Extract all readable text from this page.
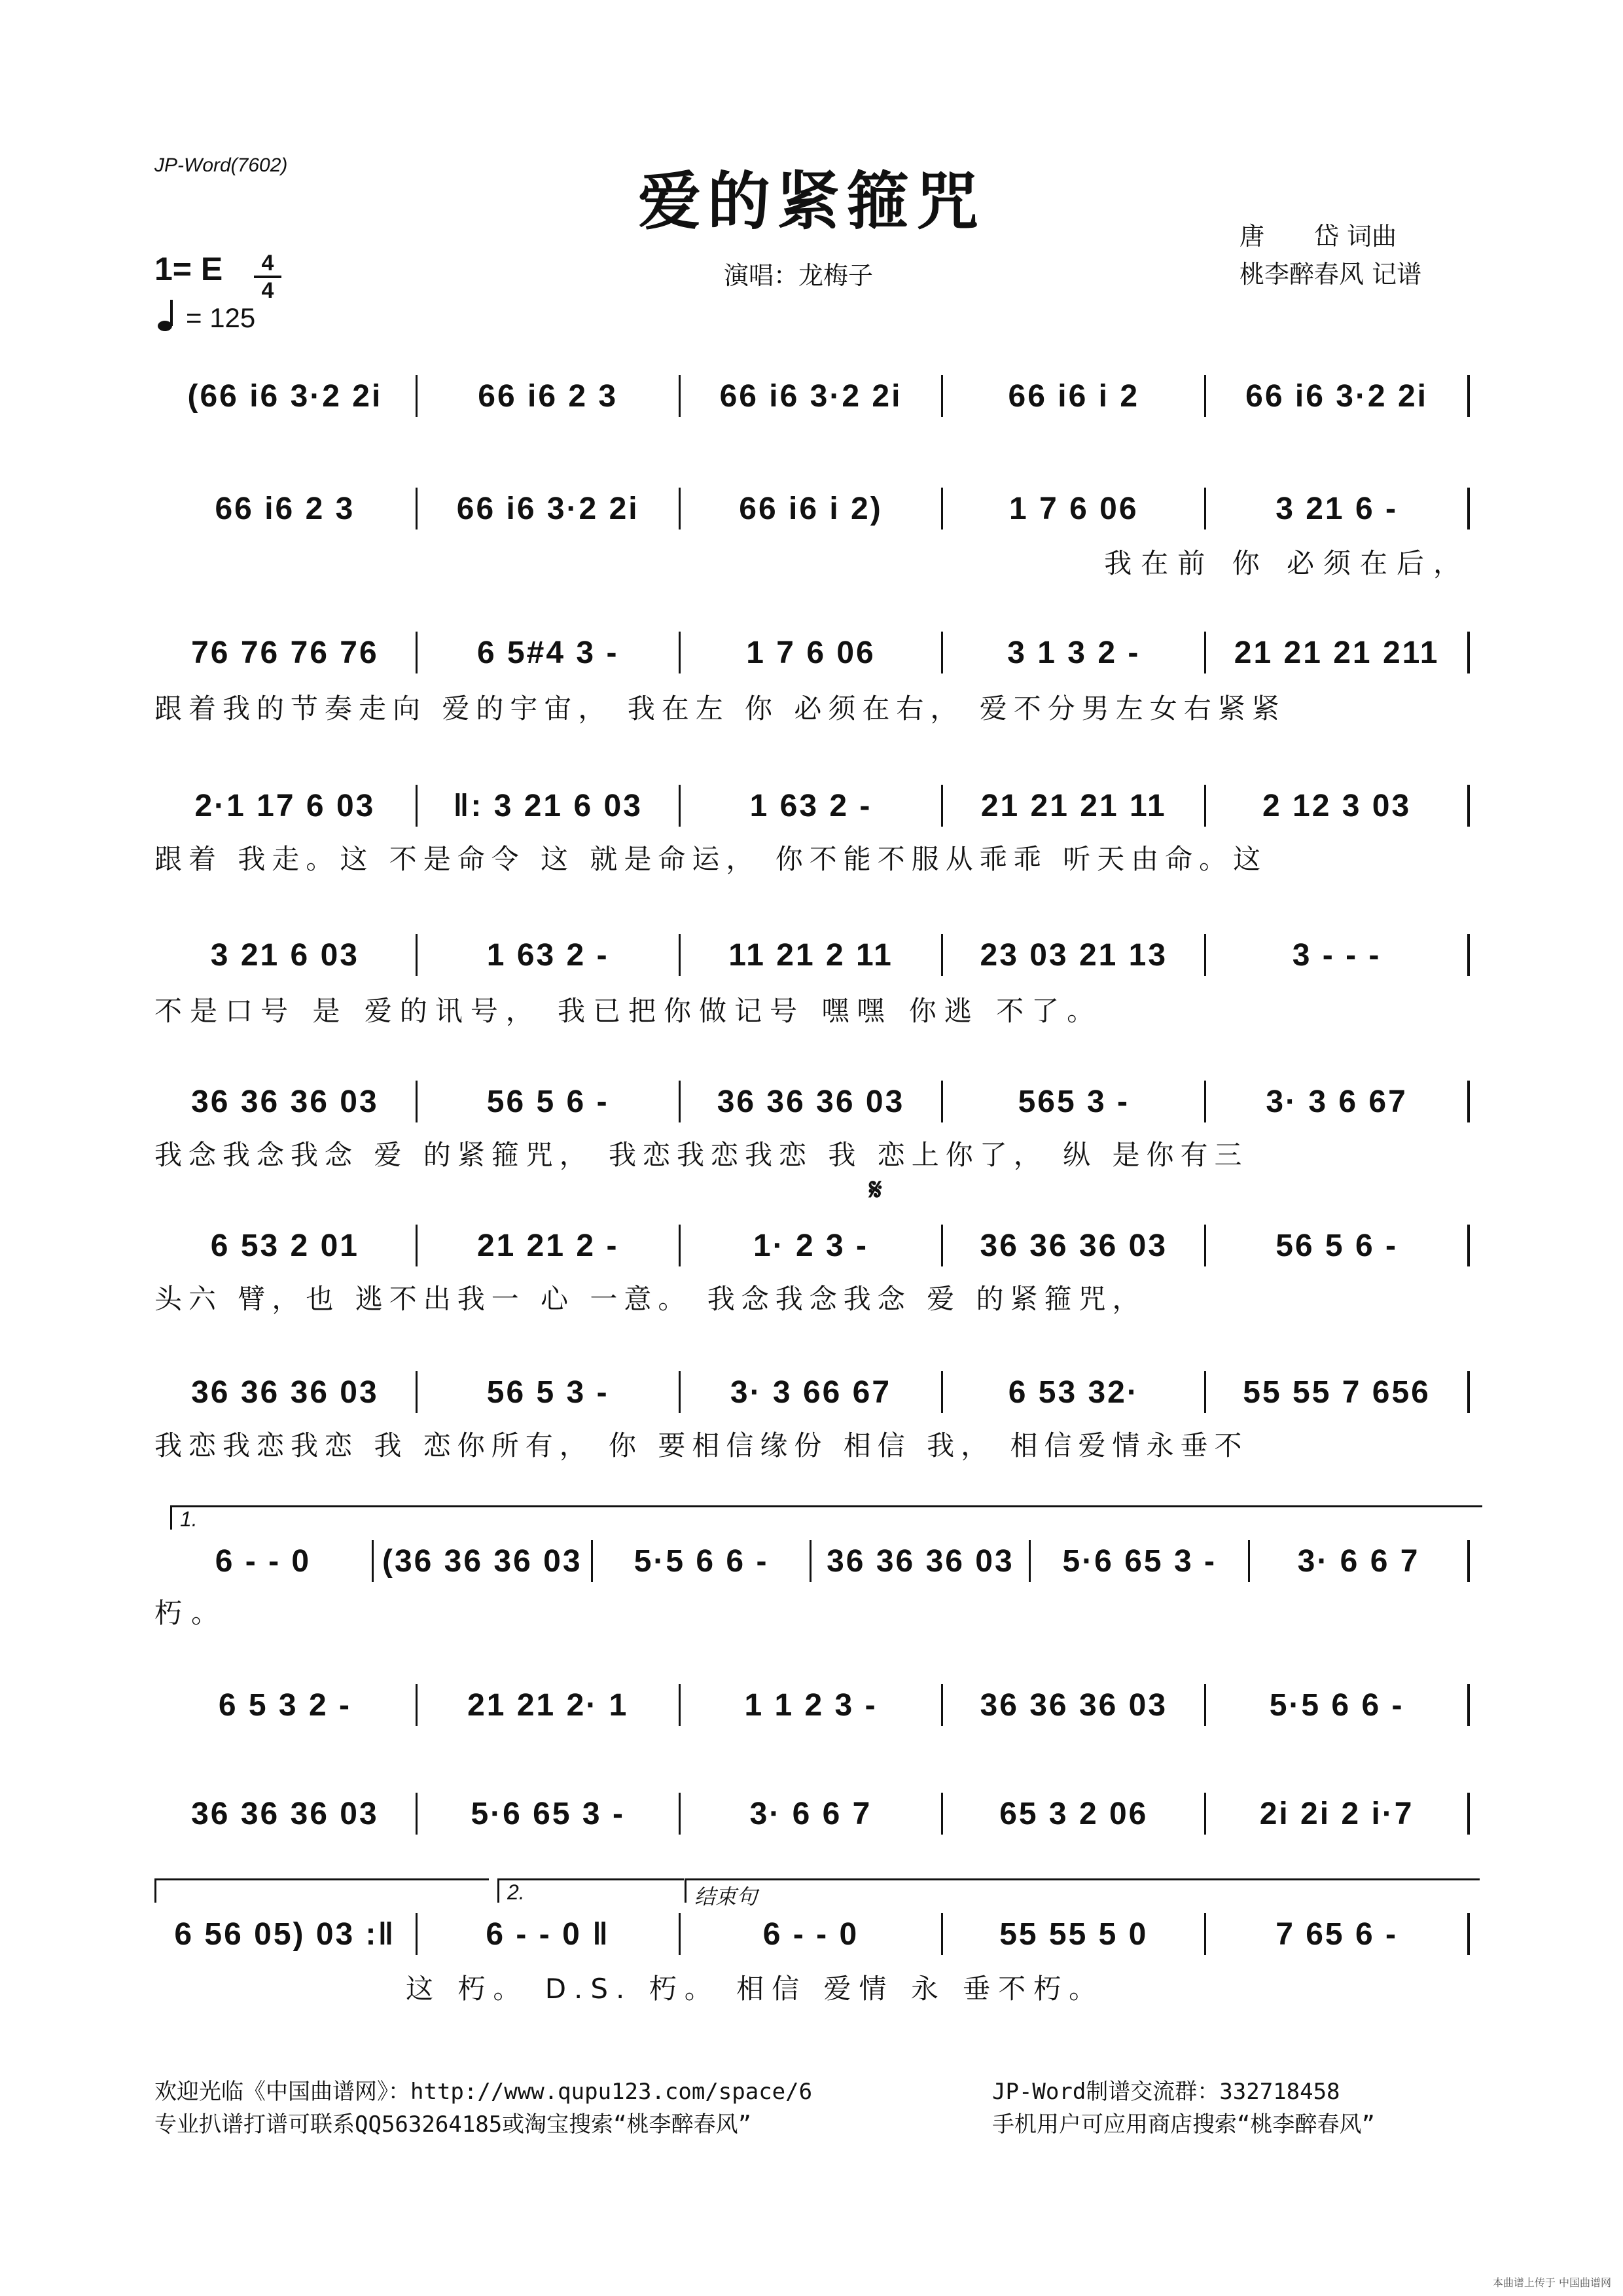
JP-Word(7602)	爱的紧箍咒	唐　　岱 词曲
桃李醉春风 记谱
1= E	4
4
= 125
演唱：龙梅子
(66 i6 3·2 2i	66 i6 2 3	66 i6 3·2 2i	66 i6 i 2	66 i6 3·2 2i
66 i6 2 3	66 i6 3·2 2i	66 i6 i 2)	1 7 6 06	3 21 6 -
我在前 你 必须在后，
76 76 76 76	6 5#4 3 -	1 7 6 06	3 1 3 2 -	21 21 21 211
跟着我的节奏走向 爱的宇宙， 我在左 你 必须在右， 爱不分男左女右紧紧
2·1 17 6 03	‖: 3 21 6 03	1 63 2 -	21 21 21 11	2 12 3 03
跟着 我走。这 不是命令 这 就是命运， 你不能不服从乖乖 听天由命。这
3 21 6 03	1 63 2 -	11 21 2 11	23 03 21 13	3 - - -
不是口号 是 爱的讯号， 我已把你做记号 嘿嘿 你逃 不了。
36 36 36 03	56 5 6 -	36 36 36 03	565 3 -	3· 3 6 67
我念我念我念 爱 的紧箍咒， 我恋我恋我恋 我 恋上你了， 纵 是你有三
𝄋
6 53 2 01	21 21 2 -	1· 2 3 -	36 36 36 03	56 5 6 -
头六 臂，也 逃不出我一 心 一意。 我念我念我念 爱 的紧箍咒，
36 36 36 03	56 5 3 -	3· 3 66 67	6 53 32·	55 55 7 656
我恋我恋我恋 我 恋你所有， 你 要相信缘份 相信 我， 相信爱情永垂不
1.
6 - - 0	(36 36 36 03	5·5 6 6 -	36 36 36 03	5·6 65 3 -	3· 6 6 7
朽。
6 5 3 2 -	21 21 2· 1	1 1 2 3 -	36 36 36 03	5·5 6 6 -
36 36 36 03	5·6 65 3 -	3· 6 6 7	65 3 2 06	2i 2i 2 i·7
2.	结束句
6 56 05) 03 :‖	6 - - 0 ‖	6 - - 0	55 55 5 0	7 65 6 -
这 朽。 D.S. 朽。 相信 爱情 永 垂不朽。
欢迎光临《中国曲谱网》：http://www.qupu123.com/space/6
专业扒谱打谱可联系QQ563264185或淘宝搜索“桃李醉春风”
JP-Word制谱交流群：332718458
手机用户可应用商店搜索“桃李醉春风”
本曲谱上传于 中国曲谱网
